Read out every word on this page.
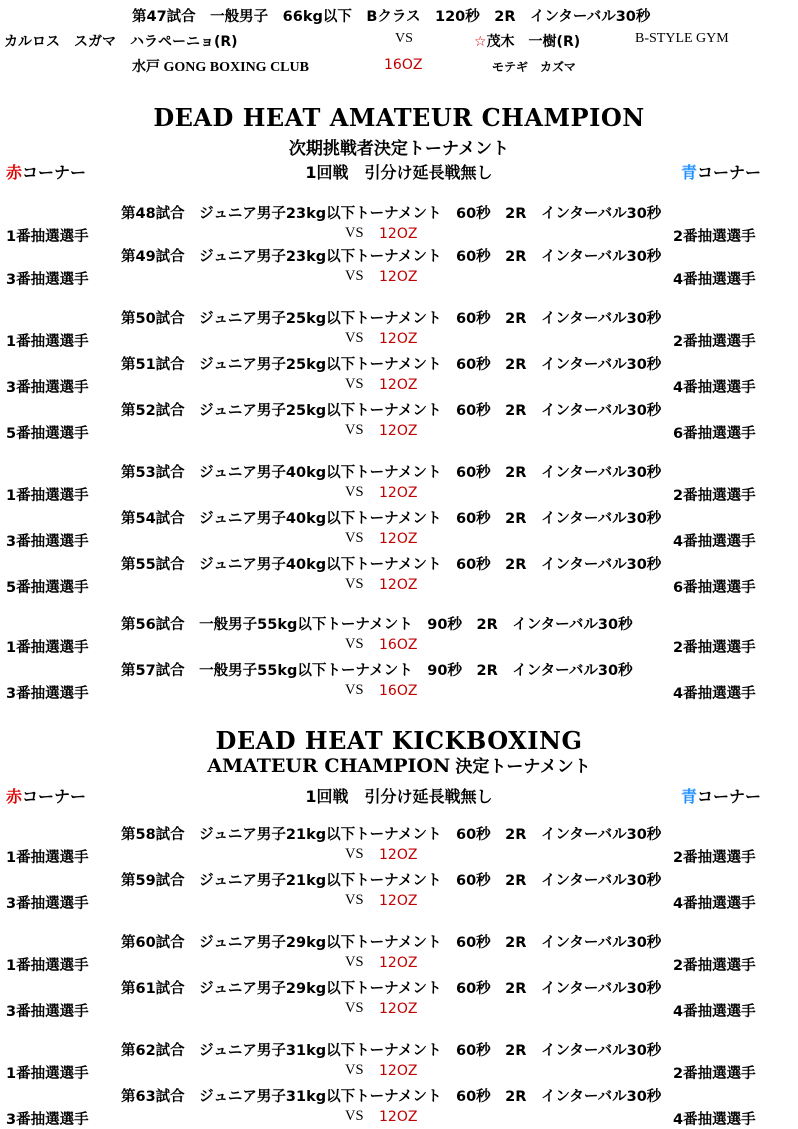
第47試合　一般男子　66kg以下　Bクラス　120秒　2R　インターバル30秒
カルロス　スガマ　ハラペーニョ(R)	VS	☆茂木　一樹(R)	B-STYLE GYM
水戸 GONG BOXING CLUB	16OZ	モテギ　カズマ
DEAD HEAT AMATEUR CHAMPION
次期挑戦者決定トーナメント
赤コーナー	1回戦　引分け延長戦無し	青コーナー
第48試合　ジュニア男子23kg以下トーナメント　60秒　2R　インターバル30秒
1番抽選選手	VS 12OZ	2番抽選選手
第49試合　ジュニア男子23kg以下トーナメント　60秒　2R　インターバル30秒
3番抽選選手	VS 12OZ	4番抽選選手
第50試合　ジュニア男子25kg以下トーナメント　60秒　2R　インターバル30秒
1番抽選選手	VS 12OZ	2番抽選選手
第51試合　ジュニア男子25kg以下トーナメント　60秒　2R　インターバル30秒
3番抽選選手	VS 12OZ	4番抽選選手
第52試合　ジュニア男子25kg以下トーナメント　60秒　2R　インターバル30秒
5番抽選選手	VS 12OZ	6番抽選選手
第53試合　ジュニア男子40kg以下トーナメント　60秒　2R　インターバル30秒
1番抽選選手	VS 12OZ	2番抽選選手
第54試合　ジュニア男子40kg以下トーナメント　60秒　2R　インターバル30秒
3番抽選選手	VS 12OZ	4番抽選選手
第55試合　ジュニア男子40kg以下トーナメント　60秒　2R　インターバル30秒
5番抽選選手	VS 12OZ	6番抽選選手
第56試合　一般男子55kg以下トーナメント　90秒　2R　インターバル30秒
1番抽選選手	VS 16OZ	2番抽選選手
第57試合　一般男子55kg以下トーナメント　90秒　2R　インターバル30秒
3番抽選選手	VS 16OZ	4番抽選選手
第58試合　ジュニア男子21kg以下トーナメント　60秒　2R　インターバル30秒
1番抽選選手	VS 12OZ	2番抽選選手
第59試合　ジュニア男子21kg以下トーナメント　60秒　2R　インターバル30秒
3番抽選選手	VS 12OZ	4番抽選選手
第60試合　ジュニア男子29kg以下トーナメント　60秒　2R　インターバル30秒
1番抽選選手	VS 12OZ	2番抽選選手
第61試合　ジュニア男子29kg以下トーナメント　60秒　2R　インターバル30秒
3番抽選選手	VS 12OZ	4番抽選選手
第62試合　ジュニア男子31kg以下トーナメント　60秒　2R　インターバル30秒
1番抽選選手	VS 12OZ	2番抽選選手
第63試合　ジュニア男子31kg以下トーナメント　60秒　2R　インターバル30秒
3番抽選選手	VS 12OZ	4番抽選選手
DEAD HEAT KICKBOXING
AMATEUR CHAMPION 決定トーナメント
赤コーナー	1回戦　引分け延長戦無し	青コーナー
